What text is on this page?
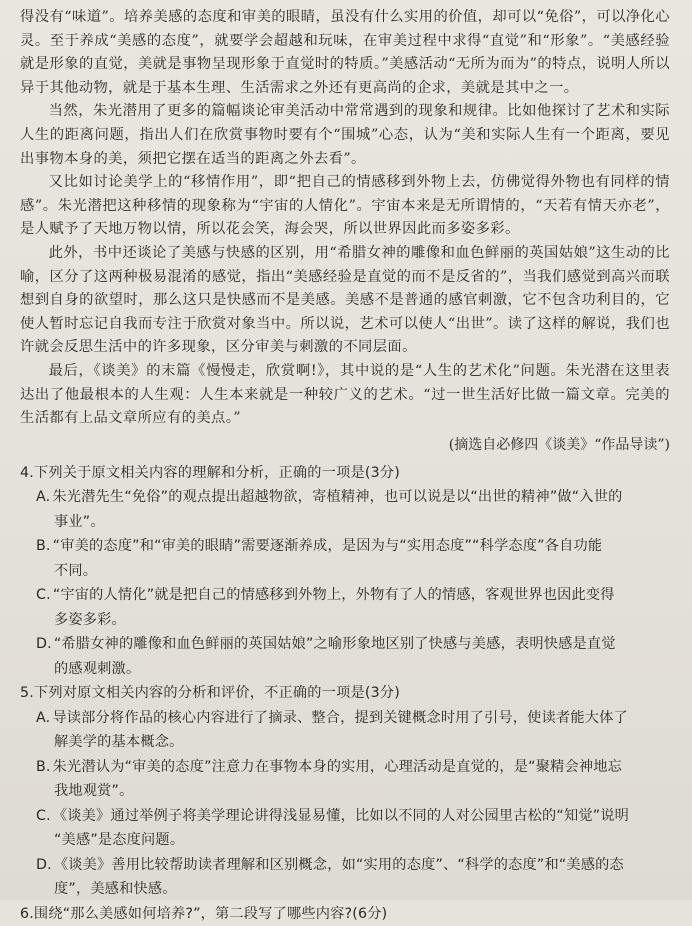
得没有“味道”。培养美感的态度和审美的眼睛，虽没有什么实用的价值，却可以“免俗”，可以净化心灵。至于养成“美感的态度”，就要学会超越和玩味，在审美过程中求得“直觉”和“形象”。“美感经验就是形象的直觉，美就是事物呈现形象于直觉时的特质。”美感活动“无所为而为”的特点，说明人所以异于其他动物，就是于基本生理、生活需求之外还有更高尚的企求，美就是其中之一。

当然，朱光潜用了更多的篇幅谈论审美活动中常常遇到的现象和规律。比如他探讨了艺术和实际人生的距离问题，指出人们在欣赏事物时要有个“围城”心态，认为“美和实际人生有一个距离，要见出事物本身的美，须把它摆在适当的距离之外去看”。

又比如讨论美学上的“移情作用”，即“把自己的情感移到外物上去，仿佛觉得外物也有同样的情感”。朱光潜把这种移情的现象称为“宇宙的人情化”。宇宙本来是无所谓情的，“天若有情天亦老”，是人赋予了天地万物以情，所以花会笑，海会哭，所以世界因此而多姿多彩。

此外，书中还谈论了美感与快感的区别，用“希腊女神的雕像和血色鲜丽的英国姑娘”这生动的比喻，区分了这两种极易混淆的感觉，指出“美感经验是直觉的而不是反省的”，当我们感觉到高兴而联想到自身的欲望时，那么这只是快感而不是美感。美感不是普通的感官刺激，它不包含功利目的，它使人暂时忘记自我而专注于欣赏对象当中。所以说，艺术可以使人“出世”。读了这样的解说，我们也许就会反思生活中的许多现象，区分审美与刺激的不同层面。

最后，《谈美》的末篇《慢慢走，欣赏啊!》，其中说的是“人生的艺术化”问题。朱光潜在这里表达出了他最根本的人生观：人生本来就是一种较广义的艺术。“过一世生活好比做一篇文章。完美的生活都有上品文章所应有的美点。”

(摘选自必修四《谈美》“作品导读”)
4.下列关于原文相关内容的理解和分析，正确的一项是(3分)
A. 朱光潜先生“免俗”的观点提出超越物欲，寄植精神，也可以说是以“出世的精神”做“入世的
事业”。
B. “审美的态度”和“审美的眼睛”需要逐渐养成，是因为与“实用态度”“科学态度”各自功能
不同。
C. “宇宙的人情化”就是把自己的情感移到外物上，外物有了人的情感，客观世界也因此变得
多姿多彩。
D. “希腊女神的雕像和血色鲜丽的英国姑娘”之喻形象地区别了快感与美感，表明快感是直觉
的感观刺激。
5.下列对原文相关内容的分析和评价，不正确的一项是(3分)
A. 导读部分将作品的核心内容进行了摘录、整合，提到关键概念时用了引号，使读者能大体了
解美学的基本概念。
B. 朱光潜认为“审美的态度”注意力在事物本身的实用，心理活动是直觉的，是“聚精会神地忘
我地观赏”。
C. 《谈美》通过举例子将美学理论讲得浅显易懂，比如以不同的人对公园里古松的“知觉”说明
“美感”是态度问题。
D. 《谈美》善用比较帮助读者理解和区别概念，如“实用的态度”、“科学的态度”和“美感的态
度”，美感和快感。
6.围绕“那么美感如何培养?”，第二段写了哪些内容?(6分)
